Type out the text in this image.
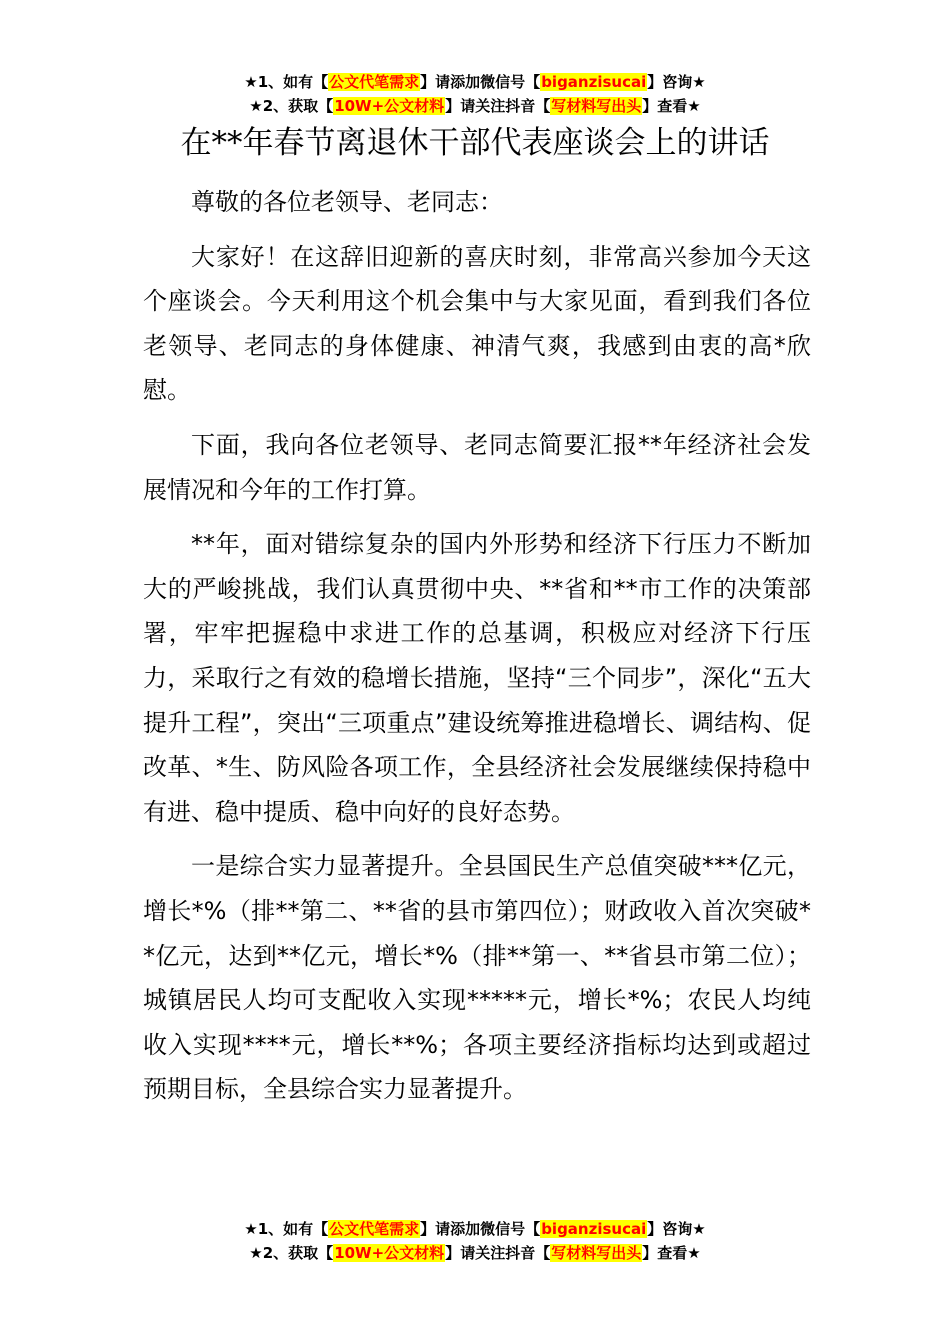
★1、如有【公文代笔需求】请添加微信号【biganzisucai】咨询★
★2、获取【10W+公文材料】请关注抖音【写材料写出头】查看★
在**年春节离退休干部代表座谈会上的讲话

尊敬的各位老领导、老同志：

大家好！在这辞旧迎新的喜庆时刻，非常高兴参加今天这个座谈会。今天利用这个机会集中与大家见面，看到我们各位老领导、老同志的身体健康、神清气爽，我感到由衷的高*欣慰。

下面，我向各位老领导、老同志简要汇报**年经济社会发展情况和今年的工作打算。

**年，面对错综复杂的国内外形势和经济下行压力不断加大的严峻挑战，我们认真贯彻中央、**省和**市工作的决策部署，牢牢把握稳中求进工作的总基调，积极应对经济下行压力，采取行之有效的稳增长措施，坚持“三个同步”，深化“五大提升工程”，突出“三项重点”建设统筹推进稳增长、调结构、促改革、*生、防风险各项工作，全县经济社会发展继续保持稳中有进、稳中提质、稳中向好的良好态势。

一是综合实力显著提升。全县国民生产总值突破***亿元，增长*%（排**第二、**省的县市第四位）；财政收入首次突破**亿元，达到**亿元，增长*%（排**第一、**省县市第二位）；城镇居民人均可支配收入实现*****元，增长*%；农民人均纯收入实现****元，增长**%；各项主要经济指标均达到或超过预期目标，全县综合实力显著提升。

★1、如有【公文代笔需求】请添加微信号【biganzisucai】咨询★
★2、获取【10W+公文材料】请关注抖音【写材料写出头】查看★
